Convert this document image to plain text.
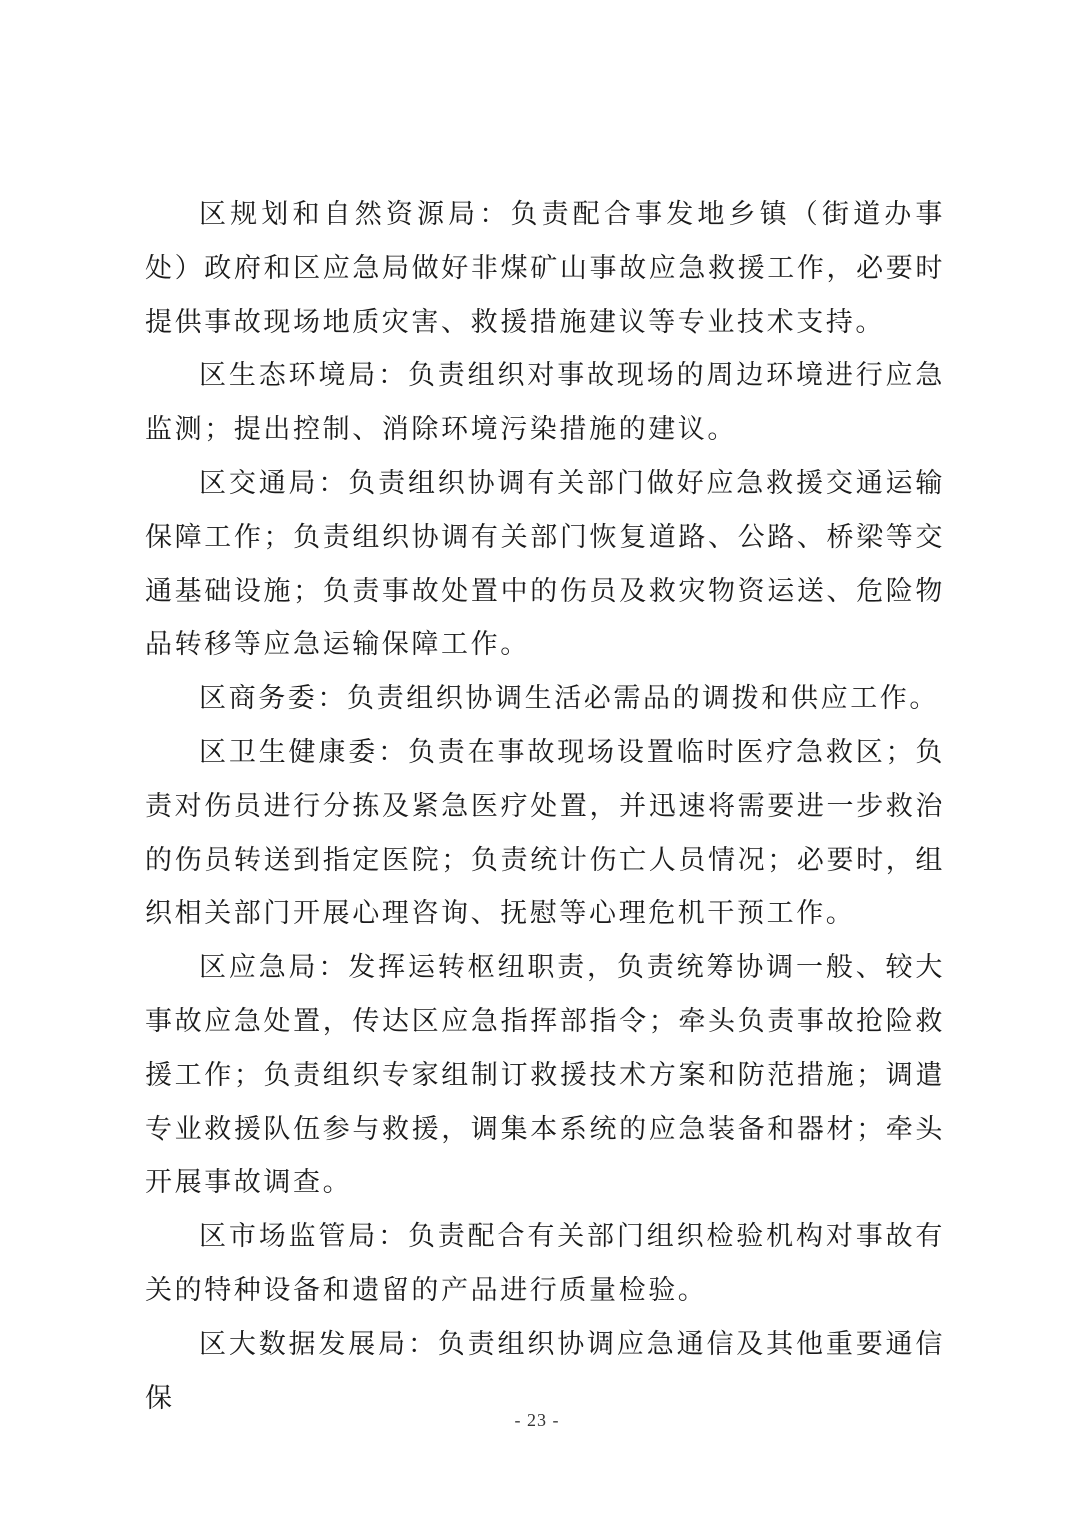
区规划和自然资源局：负责配合事发地乡镇（街道办事处）政府和区应急局做好非煤矿山事故应急救援工作，必要时提供事故现场地质灾害、救援措施建议等专业技术支持。

区生态环境局：负责组织对事故现场的周边环境进行应急监测；提出控制、消除环境污染措施的建议。

区交通局：负责组织协调有关部门做好应急救援交通运输保障工作；负责组织协调有关部门恢复道路、公路、桥梁等交通基础设施；负责事故处置中的伤员及救灾物资运送、危险物品转移等应急运输保障工作。

区商务委：负责组织协调生活必需品的调拨和供应工作。

区卫生健康委：负责在事故现场设置临时医疗急救区；负责对伤员进行分拣及紧急医疗处置，并迅速将需要进一步救治的伤员转送到指定医院；负责统计伤亡人员情况；必要时，组织相关部门开展心理咨询、抚慰等心理危机干预工作。

区应急局：发挥运转枢纽职责，负责统筹协调一般、较大事故应急处置，传达区应急指挥部指令；牵头负责事故抢险救援工作；负责组织专家组制订救援技术方案和防范措施；调遣专业救援队伍参与救援，调集本系统的应急装备和器材；牵头开展事故调查。

区市场监管局：负责配合有关部门组织检验机构对事故有关的特种设备和遗留的产品进行质量检验。

区大数据发展局：负责组织协调应急通信及其他重要通信保

- 23 -
